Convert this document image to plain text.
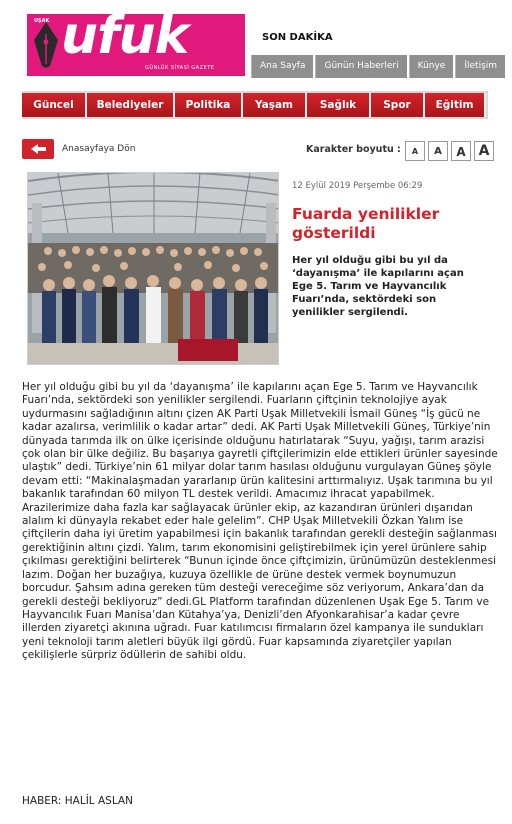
UŞAK ufuk
GÜNLÜK SİYASİ GAZETE
SON DAKİKA
Ana Sayfa	Günün Haberleri	Künye	İletişim
Güncel	Belediyeler	Politika	Yaşam	Sağlık	Spor	Eğitim
Anasayfaya Dön	Karakter boyutu :	A	A	A A
12 Eylül 2019 Perşembe 06:29
Fuarda yenilikler gösterildi

Her yıl olduğu gibi bu yıl da ‘dayanışma’ ile kapılarını açan Ege 5. Tarım ve Hayvancılık Fuarı’nda, sektördeki son yenilikler sergilendi.

Her yıl olduğu gibi bu yıl da ‘dayanışma’ ile kapılarını açan Ege 5. Tarım ve Hayvancılık Fuarı’nda, sektördeki son yenilikler sergilendi. Fuarların çiftçinin teknolojiye ayak uydurmasını sağladığının altını çizen AK Parti Uşak Milletvekili İsmail Güneş “İş gücü ne kadar azalırsa, verimlilik o kadar artar” dedi. AK Parti Uşak Milletvekili Güneş, Türkiye’nin dünyada tarımda ilk on ülke içerisinde olduğunu hatırlatarak “Suyu, yağışı, tarım arazisi çok olan bir ülke değiliz. Bu başarıya gayretli çiftçilerimizin elde ettikleri ürünler sayesinde ulaştık” dedi. Türkiye’nin 61 milyar dolar tarım hasılası olduğunu vurgulayan Güneş şöyle devam etti: “Makinalaşmadan yararlanıp ürün kalitesini arttırmalıyız. Uşak tarımına bu yıl bakanlık tarafından 60 milyon TL destek verildi. Amacımız ihracat yapabilmek. Arazilerimize daha fazla kar sağlayacak ürünler ekip, az kazandıran ürünleri dışarıdan alalım ki dünyayla rekabet eder hale gelelim”. CHP Uşak Milletvekili Özkan Yalım ise çiftçilerin daha iyi üretim yapabilmesi için bakanlık tarafından gerekli desteğin sağlanması gerektiğinin altını çizdi. Yalım, tarım ekonomisini geliştirebilmek için yerel ürünlere sahip çıkılması gerektiğini belirterek “Bunun içinde önce çiftçimizin, ürünümüzün desteklenmesi lazım. Doğan her buzağıya, kuzuya özellikle de ürüne destek vermek boynumuzun borcudur. Şahsım adına gereken tüm desteği vereceğime söz veriyorum, Ankara’dan da gerekli desteği bekliyoruz” dedi.GL Platform tarafından düzenlenen Uşak Ege 5. Tarım ve Hayvancılık Fuarı Manisa’dan Kütahya’ya, Denizli’den Afyonkarahisar’a kadar çevre illerden ziyaretçi akınına uğradı. Fuar katılımcısı firmaların özel kampanya ile sundukları yeni teknoloji tarım aletleri büyük ilgi gördü. Fuar kapsamında ziyaretçiler yapılan çekilişlerle sürpriz ödüllerin de sahibi oldu.

HABER: HALİL ASLAN
